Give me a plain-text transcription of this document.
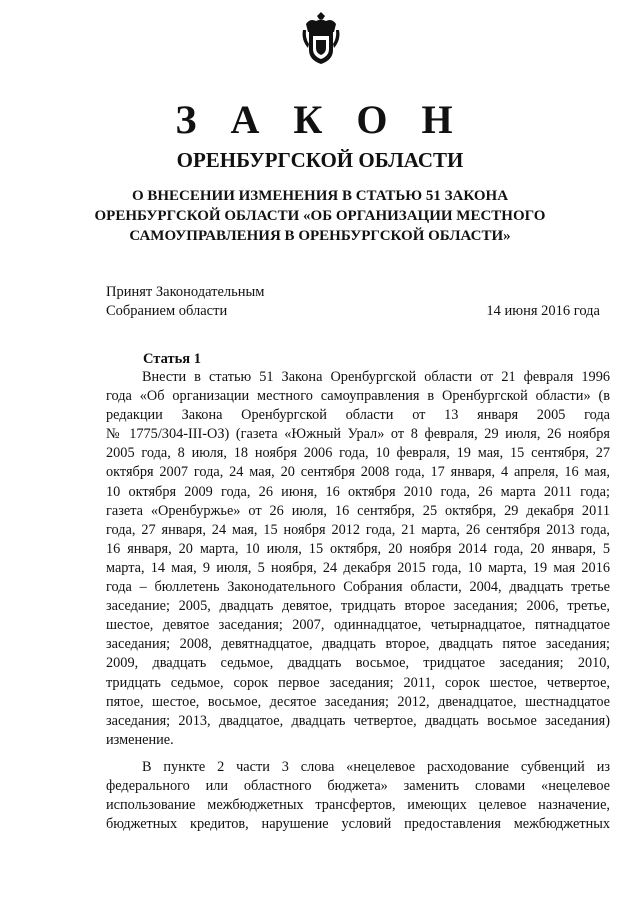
З А К О Н
ОРЕНБУРГСКОЙ ОБЛАСТИ
О ВНЕСЕНИИ ИЗМЕНЕНИЯ В СТАТЬЮ 51 ЗАКОНА
ОРЕНБУРГСКОЙ ОБЛАСТИ «ОБ ОРГАНИЗАЦИИ МЕСТНОГО
САМОУПРАВЛЕНИЯ В ОРЕНБУРГСКОЙ ОБЛАСТИ»
Принят Законодательным
Собранием области	14 июня 2016 года
Статья 1
Внести в статью 51 Закона Оренбургской области от 21 февраля 1996
года «Об организации местного самоуправления в Оренбургской области» (в
редакции Закона Оренбургской области от 13 января 2005 года
№ 1775/304-III-ОЗ) (газета «Южный Урал» от 8 февраля, 29 июля, 26 ноября
2005 года, 8 июля, 18 ноября 2006 года, 10 февраля, 19 мая, 15 сентября, 27
октября 2007 года, 24 мая, 20 сентября 2008 года, 17 января, 4 апреля, 16 мая,
10 октября 2009 года, 26 июня, 16 октября 2010 года, 26 марта 2011 года;
газета «Оренбуржье» от 26 июля, 16 сентября, 25 октября, 29 декабря 2011
года, 27 января, 24 мая, 15 ноября 2012 года, 21 марта, 26 сентября 2013 года,
16 января, 20 марта, 10 июля, 15 октября, 20 ноября 2014 года, 20 января, 5
марта, 14 мая, 9 июля, 5 ноября, 24 декабря 2015 года, 10 марта, 19 мая 2016
года – бюллетень Законодательного Собрания области, 2004, двадцать третье
заседание; 2005, двадцать девятое, тридцать второе заседания; 2006, третье,
шестое, девятое заседания; 2007, одиннадцатое, четырнадцатое, пятнадцатое
заседания; 2008, девятнадцатое, двадцать второе, двадцать пятое заседания;
2009, двадцать седьмое, двадцать восьмое, тридцатое заседания; 2010,
тридцать седьмое, сорок первое заседания; 2011, сорок шестое, четвертое,
пятое, шестое, восьмое, десятое заседания; 2012, двенадцатое, шестнадцатое
заседания; 2013, двадцатое, двадцать четвертое, двадцать восьмое заседания)
изменение.
В пункте 2 части 3 слова «нецелевое расходование субвенций из
федерального или областного бюджета» заменить словами «нецелевое
использование межбюджетных трансфертов, имеющих целевое назначение,
бюджетных кредитов, нарушение условий предоставления межбюджетных
